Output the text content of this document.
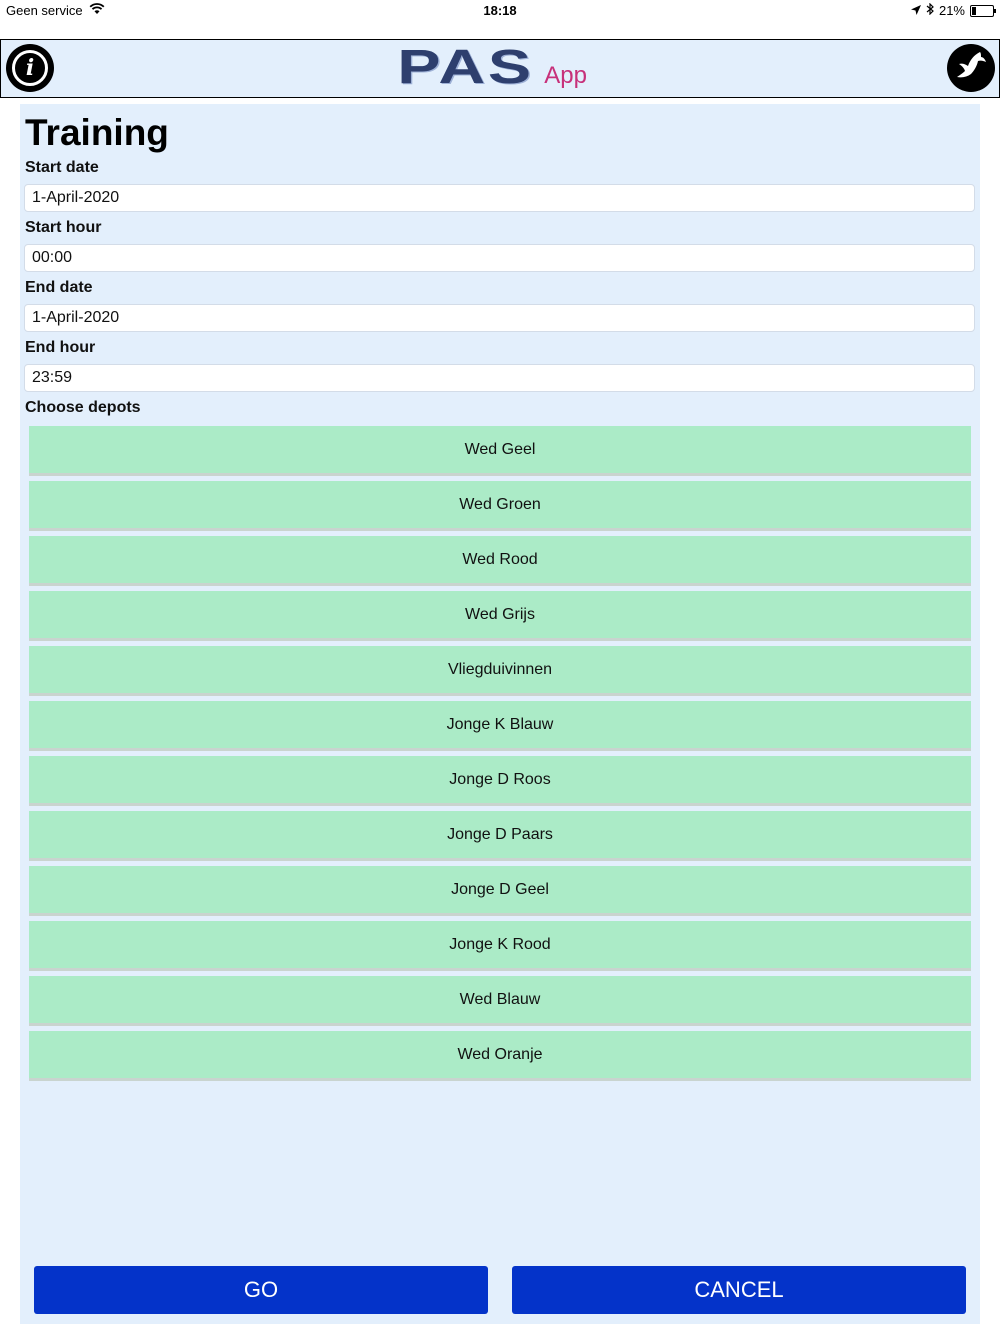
Geen service	18:18	21%
i	PAS App
Training
Start date
1-April-2020
Start hour
00:00
End date
1-April-2020
End hour
23:59
Choose depots
Wed Geel
Wed Groen
Wed Rood
Wed Grijs
Vliegduivinnen
Jonge K Blauw
Jonge D Roos
Jonge D Paars
Jonge D Geel
Jonge K Rood
Wed Blauw
Wed Oranje
GO	CANCEL
